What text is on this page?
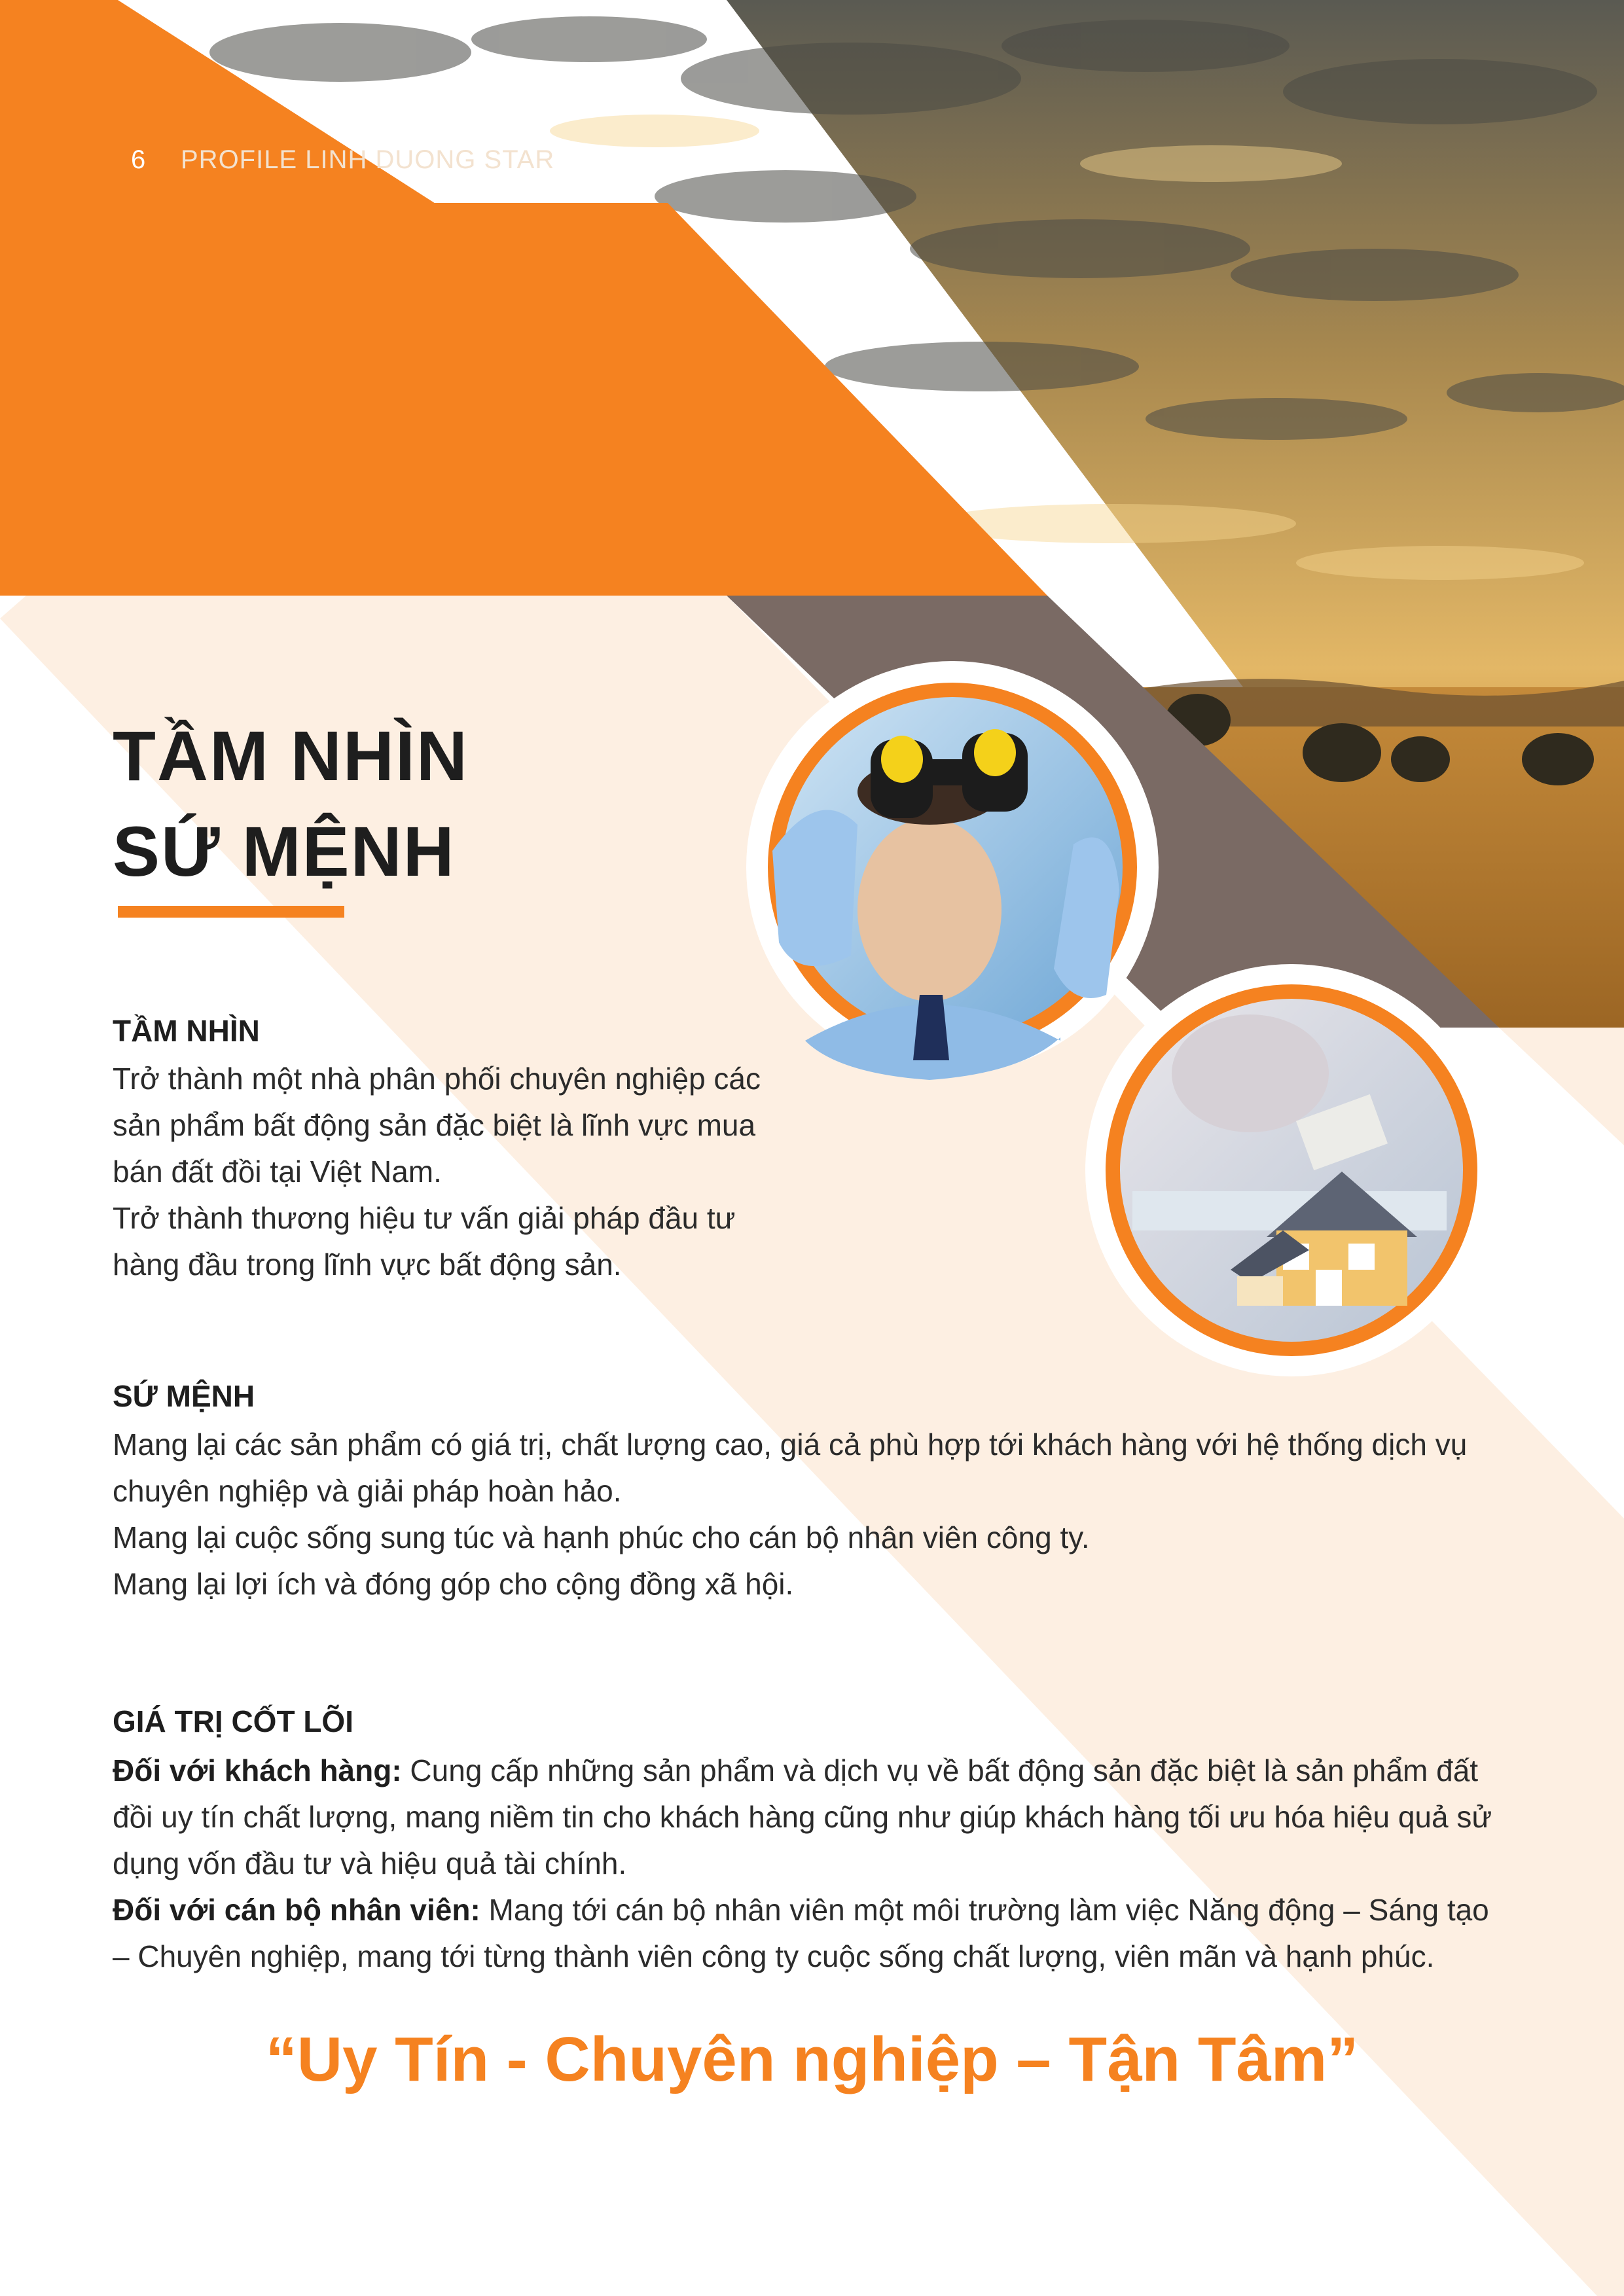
6 PROFILE LINH DUONG STAR
TẦM NHÌN
SỨ MỆNH
TẦM NHÌN

Trở thành một nhà phân phối chuyên nghiệp các sản phẩm bất động sản đặc biệt là lĩnh vực mua bán đất đồi tại Việt Nam.

Trở thành thương hiệu tư vấn giải pháp đầu tư hàng đầu trong lĩnh vực bất động sản.

SỨ MỆNH

Mang lại các sản phẩm có giá trị, chất lượng cao, giá cả phù hợp tới khách hàng với hệ thống dịch vụ chuyên nghiệp và giải pháp hoàn hảo.

Mang lại cuộc sống sung túc và hạnh phúc cho cán bộ nhân viên công ty.

Mang lại lợi ích và đóng góp cho cộng đồng xã hội.

GIÁ TRỊ CỐT LÕI

Đối với khách hàng: Cung cấp những sản phẩm và dịch vụ về bất động sản đặc biệt là sản phẩm đất đồi uy tín chất lượng, mang niềm tin cho khách hàng cũng như giúp khách hàng tối ưu hóa hiệu quả sử dụng vốn đầu tư và hiệu quả tài chính.

Đối với cán bộ nhân viên: Mang tới cán bộ nhân viên một môi trường làm việc Năng động – Sáng tạo – Chuyên nghiệp, mang tới từng thành viên công ty cuộc sống chất lượng, viên mãn và hạnh phúc.

“Uy Tín - Chuyên nghiệp – Tận Tâm”
